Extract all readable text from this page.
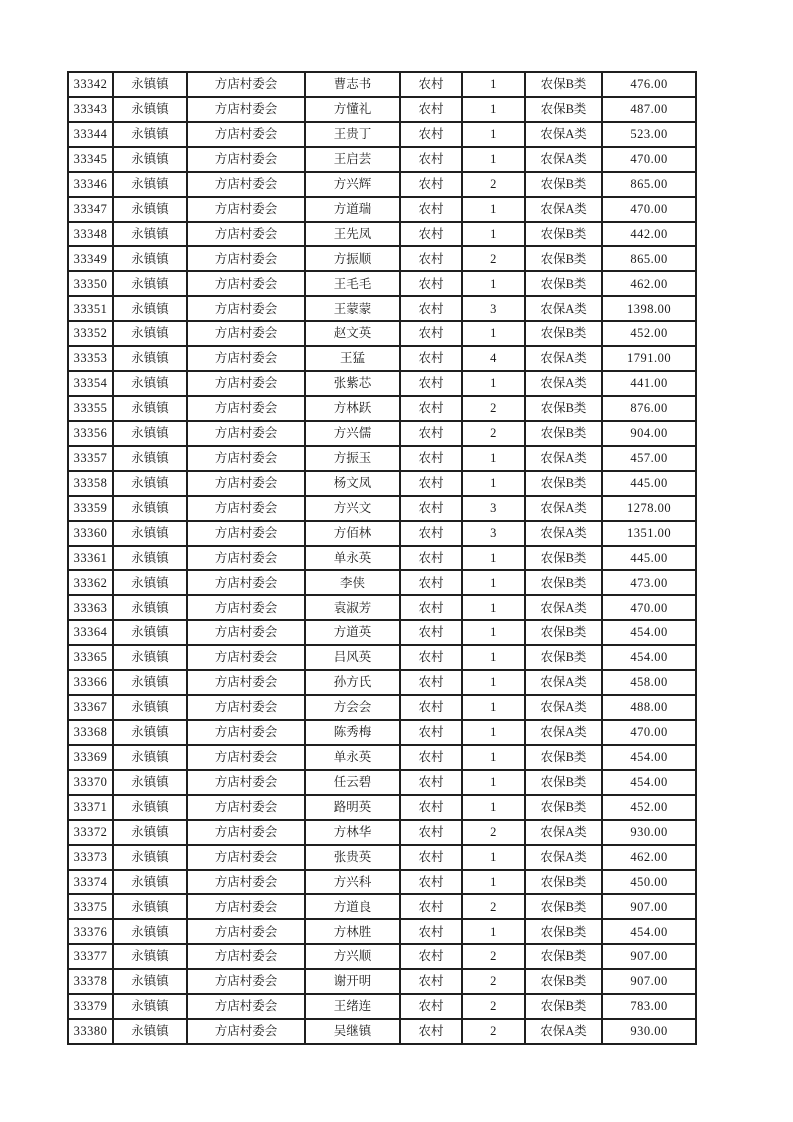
33342	永镇镇	方店村委会	曹志书	农村	1	农保B类	476.00
33343	永镇镇	方店村委会	方懂礼	农村	1	农保B类	487.00
33344	永镇镇	方店村委会	王贵丁	农村	1	农保A类	523.00
33345	永镇镇	方店村委会	王启芸	农村	1	农保A类	470.00
33346	永镇镇	方店村委会	方兴辉	农村	2	农保B类	865.00
33347	永镇镇	方店村委会	方道瑞	农村	1	农保A类	470.00
33348	永镇镇	方店村委会	王先凤	农村	1	农保B类	442.00
33349	永镇镇	方店村委会	方振顺	农村	2	农保B类	865.00
33350	永镇镇	方店村委会	王毛毛	农村	1	农保B类	462.00
33351	永镇镇	方店村委会	王蒙蒙	农村	3	农保A类	1398.00
33352	永镇镇	方店村委会	赵文英	农村	1	农保B类	452.00
33353	永镇镇	方店村委会	王猛	农村	4	农保A类	1791.00
33354	永镇镇	方店村委会	张紫芯	农村	1	农保A类	441.00
33355	永镇镇	方店村委会	方林跃	农村	2	农保B类	876.00
33356	永镇镇	方店村委会	方兴儒	农村	2	农保B类	904.00
33357	永镇镇	方店村委会	方振玉	农村	1	农保A类	457.00
33358	永镇镇	方店村委会	杨文凤	农村	1	农保B类	445.00
33359	永镇镇	方店村委会	方兴文	农村	3	农保A类	1278.00
33360	永镇镇	方店村委会	方佰林	农村	3	农保A类	1351.00
33361	永镇镇	方店村委会	单永英	农村	1	农保B类	445.00
33362	永镇镇	方店村委会	李侠	农村	1	农保B类	473.00
33363	永镇镇	方店村委会	袁淑芳	农村	1	农保A类	470.00
33364	永镇镇	方店村委会	方道英	农村	1	农保B类	454.00
33365	永镇镇	方店村委会	吕风英	农村	1	农保B类	454.00
33366	永镇镇	方店村委会	孙方氏	农村	1	农保A类	458.00
33367	永镇镇	方店村委会	方会会	农村	1	农保A类	488.00
33368	永镇镇	方店村委会	陈秀梅	农村	1	农保A类	470.00
33369	永镇镇	方店村委会	单永英	农村	1	农保B类	454.00
33370	永镇镇	方店村委会	任云碧	农村	1	农保B类	454.00
33371	永镇镇	方店村委会	路明英	农村	1	农保B类	452.00
33372	永镇镇	方店村委会	方林华	农村	2	农保A类	930.00
33373	永镇镇	方店村委会	张贵英	农村	1	农保A类	462.00
33374	永镇镇	方店村委会	方兴科	农村	1	农保B类	450.00
33375	永镇镇	方店村委会	方道良	农村	2	农保B类	907.00
33376	永镇镇	方店村委会	方林胜	农村	1	农保B类	454.00
33377	永镇镇	方店村委会	方兴顺	农村	2	农保B类	907.00
33378	永镇镇	方店村委会	谢开明	农村	2	农保B类	907.00
33379	永镇镇	方店村委会	王绪连	农村	2	农保B类	783.00
33380	永镇镇	方店村委会	吴继镇	农村	2	农保A类	930.00
